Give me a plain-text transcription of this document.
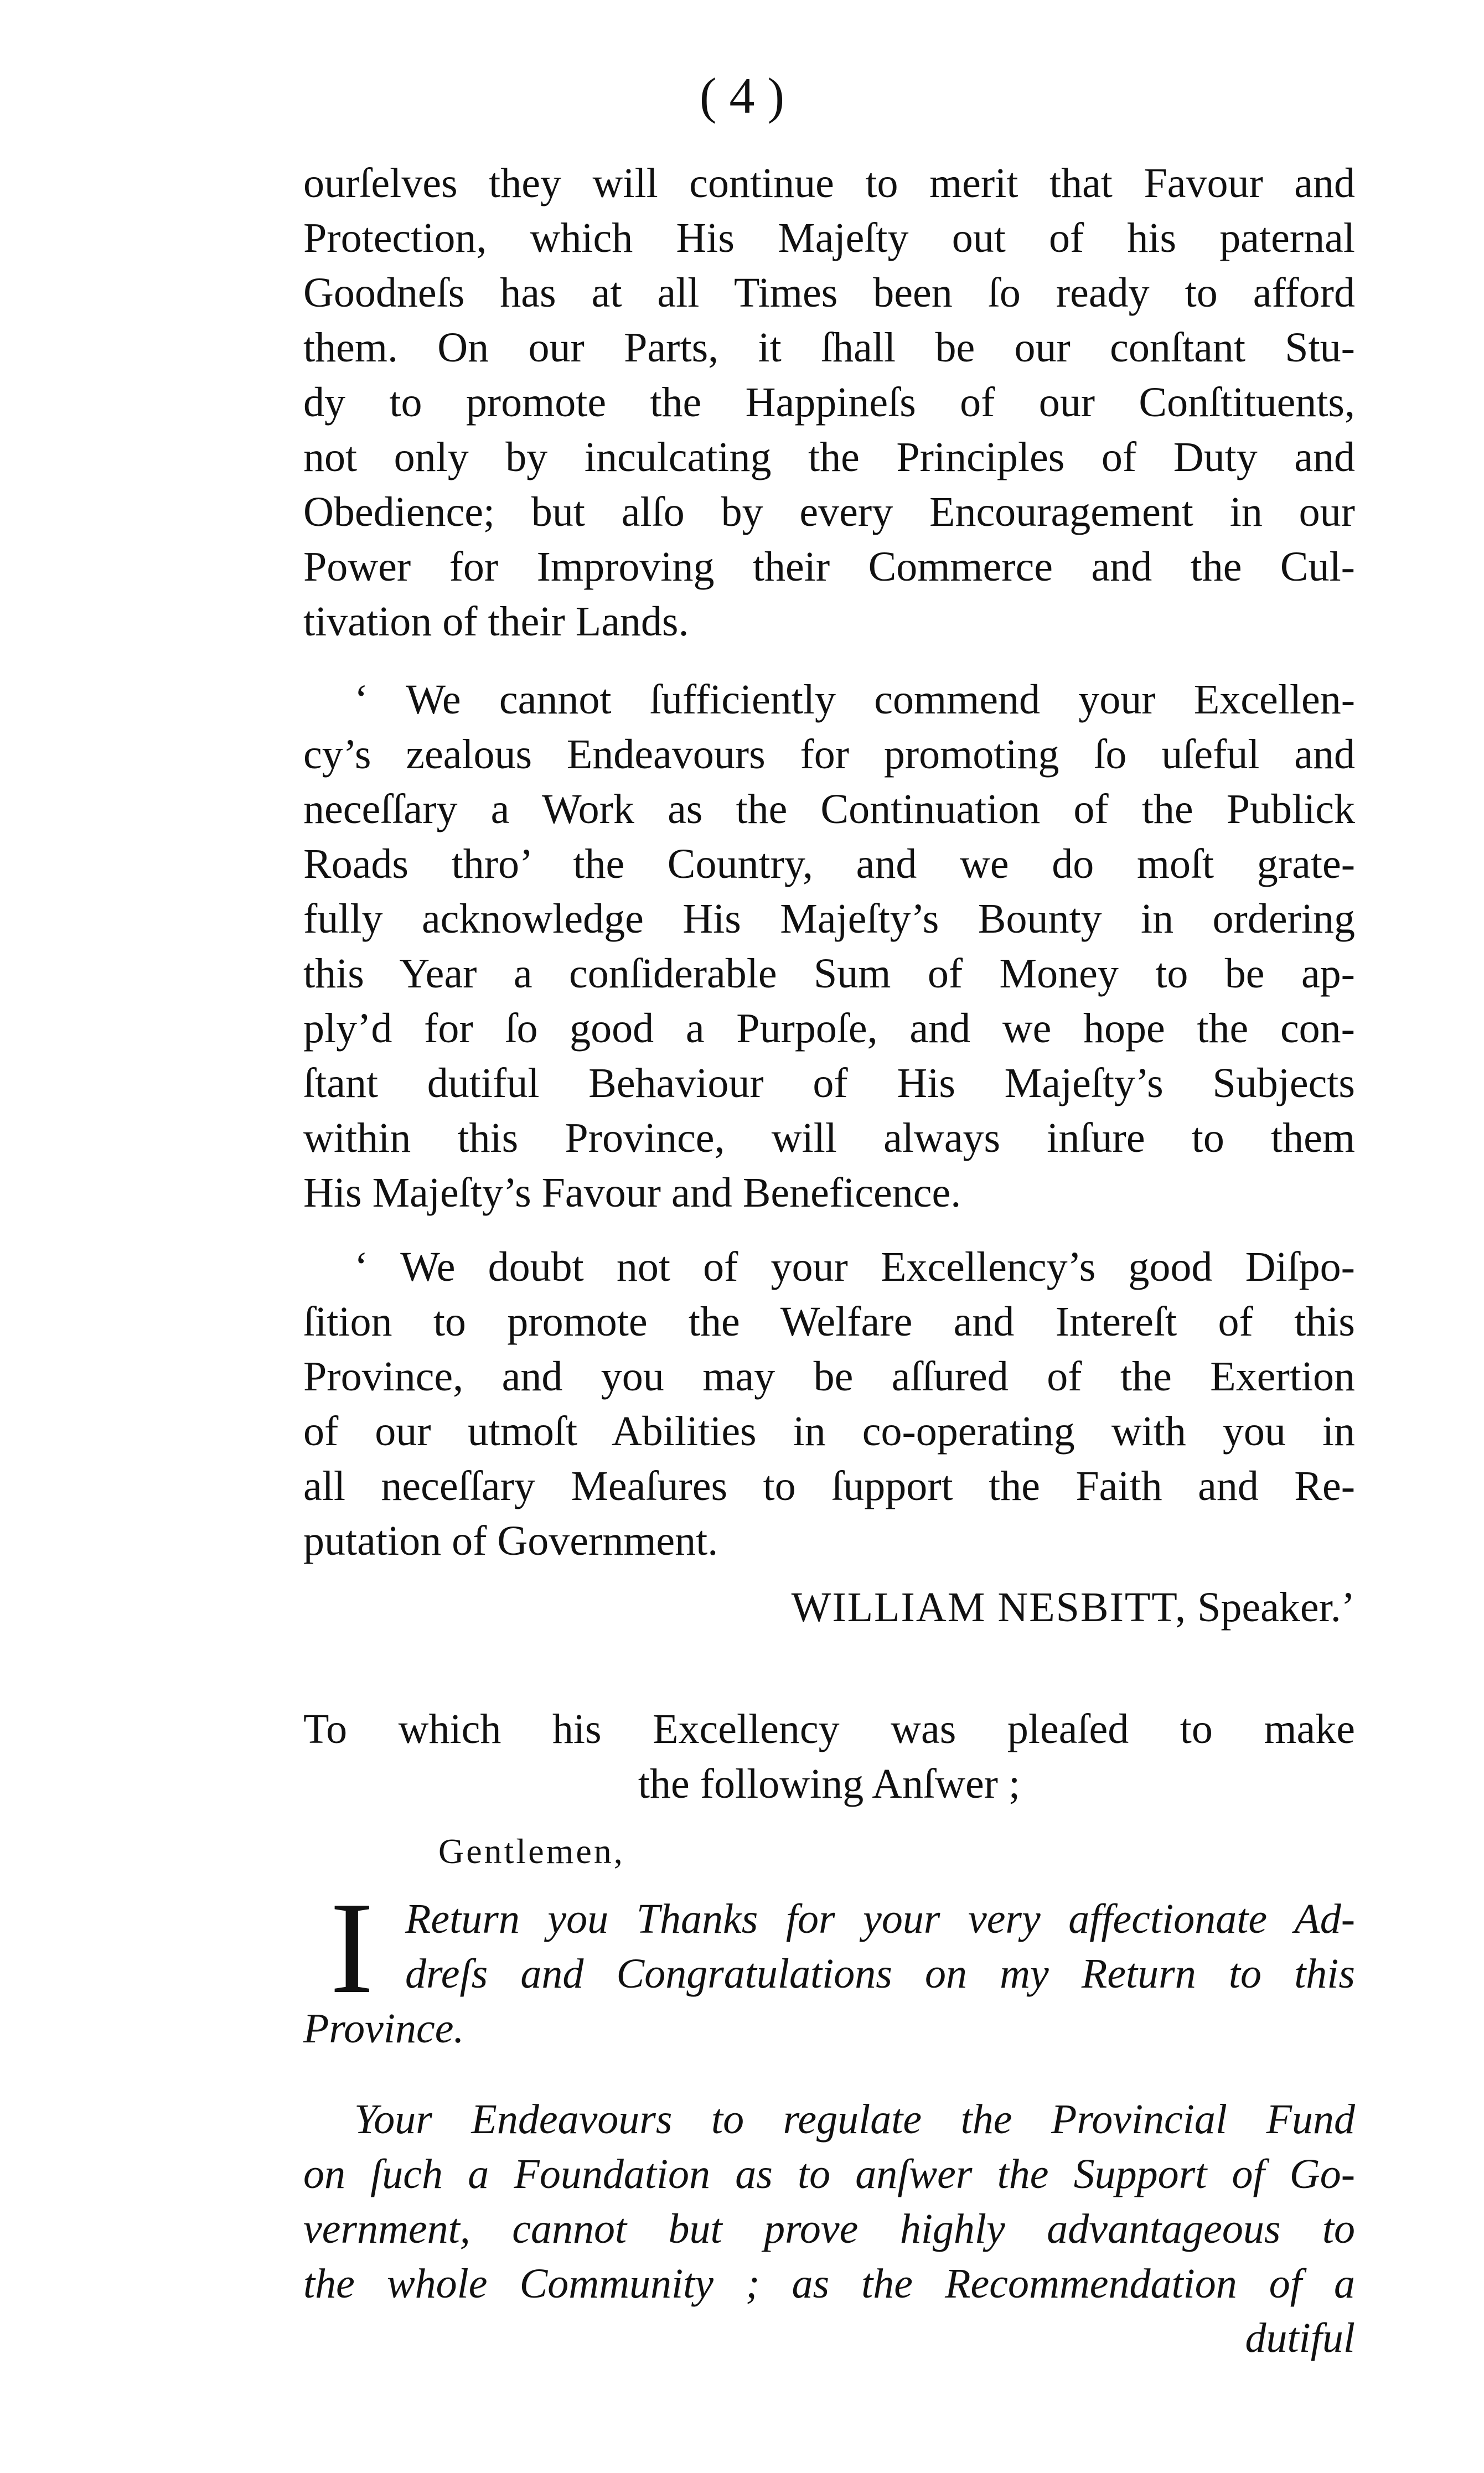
( 4 )
ourſelves they will continue to merit that Favour and
Protection, which His Majeſty out of his paternal
Goodneſs has at all Times been ſo ready to afford
them. On our Parts, it ſhall be our conſtant Stu-
dy to promote the Happineſs of our Conſtituents,
not only by inculcating the Principles of Duty and
Obedience; but alſo by every Encouragement in our
Power for Improving their Commerce and the Cul-
tivation of their Lands.
‘ We cannot ſufficiently commend your Excellen-
cy’s zealous Endeavours for promoting ſo uſeful and
neceſſary a Work as the Continuation of the Publick
Roads thro’ the Country, and we do moſt grate-
fully acknowledge His Majeſty’s Bounty in ordering
this Year a conſiderable Sum of Money to be ap-
ply’d for ſo good a Purpoſe, and we hope the con-
ſtant dutiful Behaviour of His Majeſty’s Subjects
within this Province, will always inſure to them
His Majeſty’s Favour and Beneficence.
‘ We doubt not of your Excellency’s good Diſpo-
ſition to promote the Welfare and Intereſt of this
Province, and you may be aſſured of the Exertion
of our utmoſt Abilities in co-operating with you in
all neceſſary Meaſures to ſupport the Faith and Re-
putation of Government.
WILLIAM NESBITT, Speaker.’
To which his Excellency was pleaſed to make
the following Anſwer ;
Gentlemen,
I Return you Thanks for your very affectionate Ad-
dreſs and Congratulations on my Return to this
Province.
Your Endeavours to regulate the Provincial Fund
on ſuch a Foundation as to anſwer the Support of Go-
vernment, cannot but prove highly advantageous to
the whole Community ; as the Recommendation of a
dutiful
